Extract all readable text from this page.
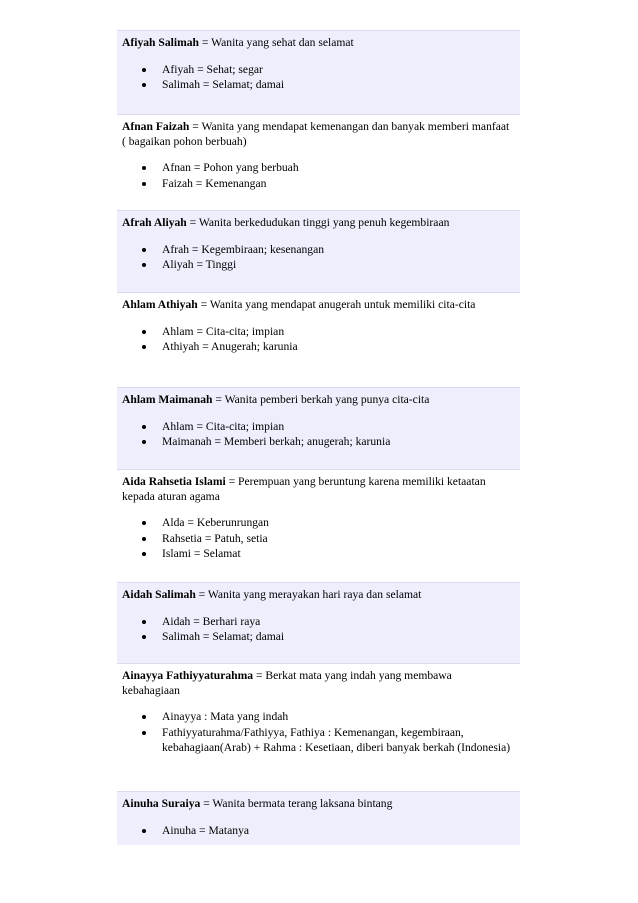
Afiyah Salimah = Wanita yang sehat dan selamat

Afiyah = Sehat; segar
Salimah = Selamat; damai

Afnan Faizah = Wanita yang mendapat kemenangan dan banyak memberi manfaat ( bagaikan pohon berbuah)

Afnan = Pohon yang berbuah
Faizah = Kemenangan

Afrah Aliyah = Wanita berkedudukan tinggi yang penuh kegembiraan

Afrah = Kegembiraan; kesenangan
Aliyah = Tinggi

Ahlam Athiyah = Wanita yang mendapat anugerah untuk memiliki cita-cita

Ahlam = Cita-cita; impian
Athiyah = Anugerah; karunia

Ahlam Maimanah = Wanita pemberi berkah yang punya cita-cita

Ahlam = Cita-cita; impian
Maimanah = Memberi berkah; anugerah; karunia

Aida Rahsetia Islami = Perempuan yang beruntung karena memiliki ketaatan kepada aturan agama

Alda = Keberunrungan
Rahsetia = Patuh, setia
Islami = Selamat

Aidah Salimah = Wanita yang merayakan hari raya dan selamat

Aidah = Berhari raya
Salimah = Selamat; damai

Ainayya Fathiyyaturahma = Berkat mata yang indah yang membawa kebahagiaan

Ainayya : Mata yang indah
Fathiyyaturahma/Fathiyya, Fathiya : Kemenangan, kegembiraan, kebahagiaan(Arab) + Rahma : Kesetiaan, diberi banyak berkah (Indonesia)

Ainuha Suraiya = Wanita bermata terang laksana bintang

Ainuha = Matanya
